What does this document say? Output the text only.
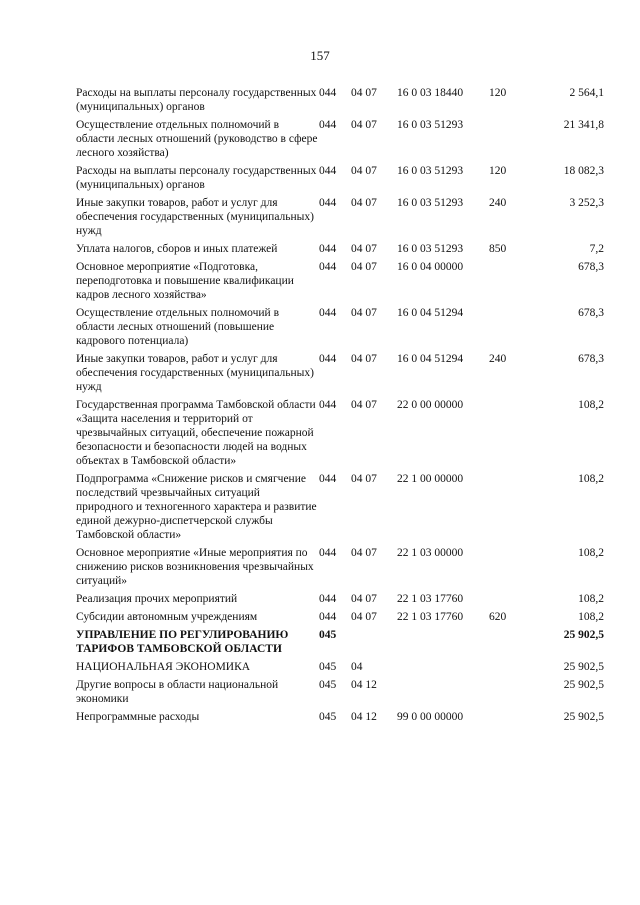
157
Расходы на выплаты персоналу государственных (муниципальных) органов	044	04 07	16 0 03 18440	120	2 564,1
Осуществление отдельных полномочий в области лесных отношений (руководство в сфере лесного хозяйства)	044	04 07	16 0 03 51293		21 341,8
Расходы на выплаты персоналу государственных (муниципальных) органов	044	04 07	16 0 03 51293	120	18 082,3
Иные закупки товаров, работ и услуг для обеспечения государственных (муниципальных) нужд	044	04 07	16 0 03 51293	240	3 252,3
Уплата налогов, сборов и иных платежей	044	04 07	16 0 03 51293	850	7,2
Основное мероприятие «Подготовка, переподготовка и повышение квалификации кадров лесного хозяйства»	044	04 07	16 0 04 00000		678,3
Осуществление отдельных полномочий в области лесных отношений (повышение кадрового потенциала)	044	04 07	16 0 04 51294		678,3
Иные закупки товаров, работ и услуг для обеспечения государственных (муниципальных) нужд	044	04 07	16 0 04 51294	240	678,3
Государственная программа Тамбовской области «Защита населения и территорий от чрезвычайных ситуаций, обеспечение пожарной безопасности и безопасности людей на водных объектах в Тамбовской области»	044	04 07	22 0 00 00000		108,2
Подпрограмма «Снижение рисков и смягчение последствий чрезвычайных ситуаций природного и техногенного характера и развитие единой дежурно-диспетчерской службы Тамбовской области»	044	04 07	22 1 00 00000		108,2
Основное мероприятие «Иные мероприятия по снижению рисков возникновения чрезвычайных ситуаций»	044	04 07	22 1 03 00000		108,2
Реализация прочих мероприятий	044	04 07	22 1 03 17760		108,2
Субсидии автономным учреждениям	044	04 07	22 1 03 17760	620	108,2
УПРАВЛЕНИЕ ПО РЕГУЛИРОВАНИЮ ТАРИФОВ ТАМБОВСКОЙ ОБЛАСТИ	045				25 902,5
НАЦИОНАЛЬНАЯ ЭКОНОМИКА	045	04			25 902,5
Другие вопросы в области национальной экономики	045	04 12			25 902,5
Непрограммные расходы	045	04 12	99 0 00 00000		25 902,5
